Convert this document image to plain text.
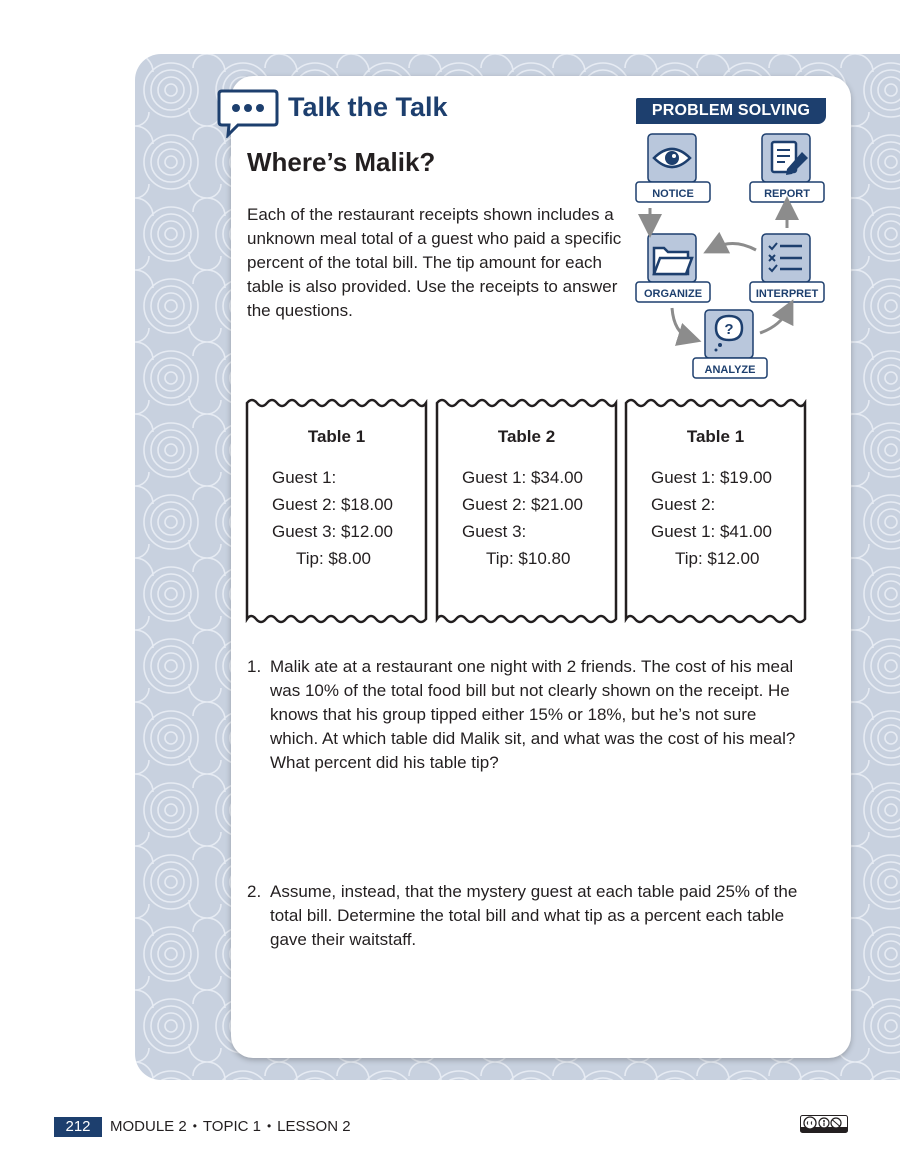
Talk the Talk	PROBLEM SOLVING
NOTICE	REPORT
ORGANIZE	INTERPRET
?
ANALYZE
Where’s Malik?

Each of the restaurant receipts shown includes a unknown meal total of a guest who paid a specific percent of the total bill. The tip amount for each table is also provided. Use the receipts to answer the questions.

Table 1
Guest 1:
Guest 2: $18.00
Guest 3: $12.00
Tip: $8.00
Table 2
Guest 1: $34.00
Guest 2: $21.00
Guest 3:
Tip: $10.80
Table 1
Guest 1: $19.00
Guest 2:
Guest 1: $41.00
Tip: $12.00
1. Malik ate at a restaurant one night with 2 friends. The cost of his meal was 10% of the total food bill but not clearly shown on the receipt. He knows that his group tipped either 15% or 18%, but he’s not sure which. At which table did Malik sit, and what was the cost of his meal? What percent did his table tip?

2. Assume, instead, that the mystery guest at each table paid 25% of the total bill. Determine the total bill and what tip as a percent each table gave their waitstaff.

212	MODULE 2 • TOPIC 1 • LESSON 2
